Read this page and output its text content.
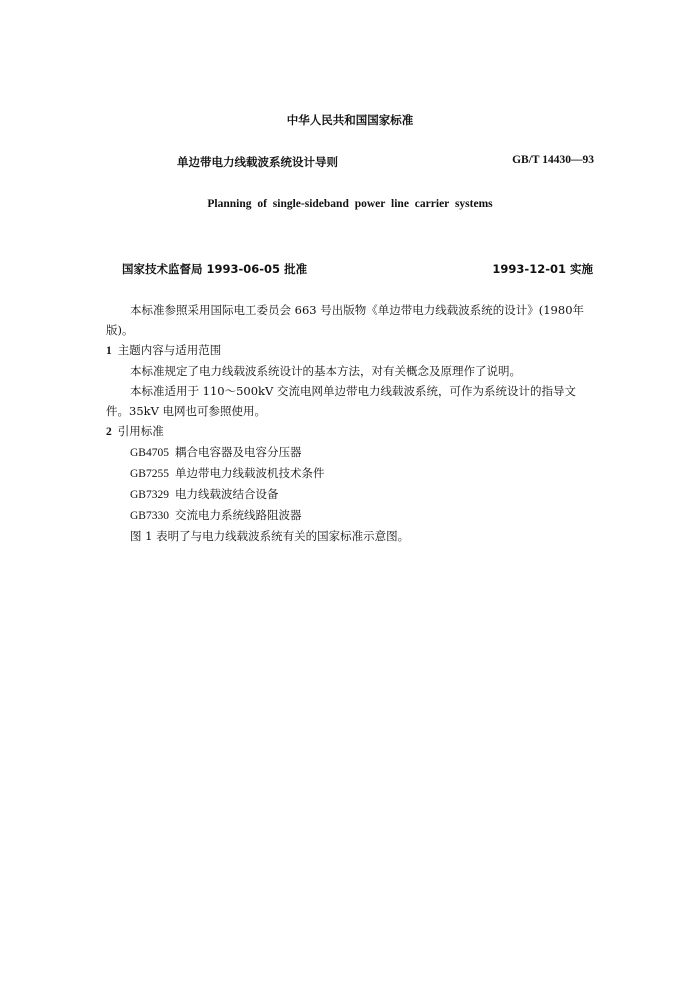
中华人民共和国国家标准
单边带电力线载波系统设计导则	GB/T 14430—93
Planning of single-sideband power line carrier systems
国家技术监督局 1993-06-05 批准	1993-12-01 实施

本标准参照采用国际电工委员会 663 号出版物《单边带电力线载波系统的设计》(1980年版)。

1 主题内容与适用范围

本标准规定了电力线载波系统设计的基本方法，对有关概念及原理作了说明。

本标准适用于 110～500kV 交流电网单边带电力线载波系统，可作为系统设计的指导文件。35kV 电网也可参照使用。

2 引用标准

GB4705 耦合电容器及电容分压器

GB7255 单边带电力线载波机技术条件

GB7329 电力线载波结合设备

GB7330 交流电力系统线路阻波器

图 1 表明了与电力线载波系统有关的国家标准示意图。
